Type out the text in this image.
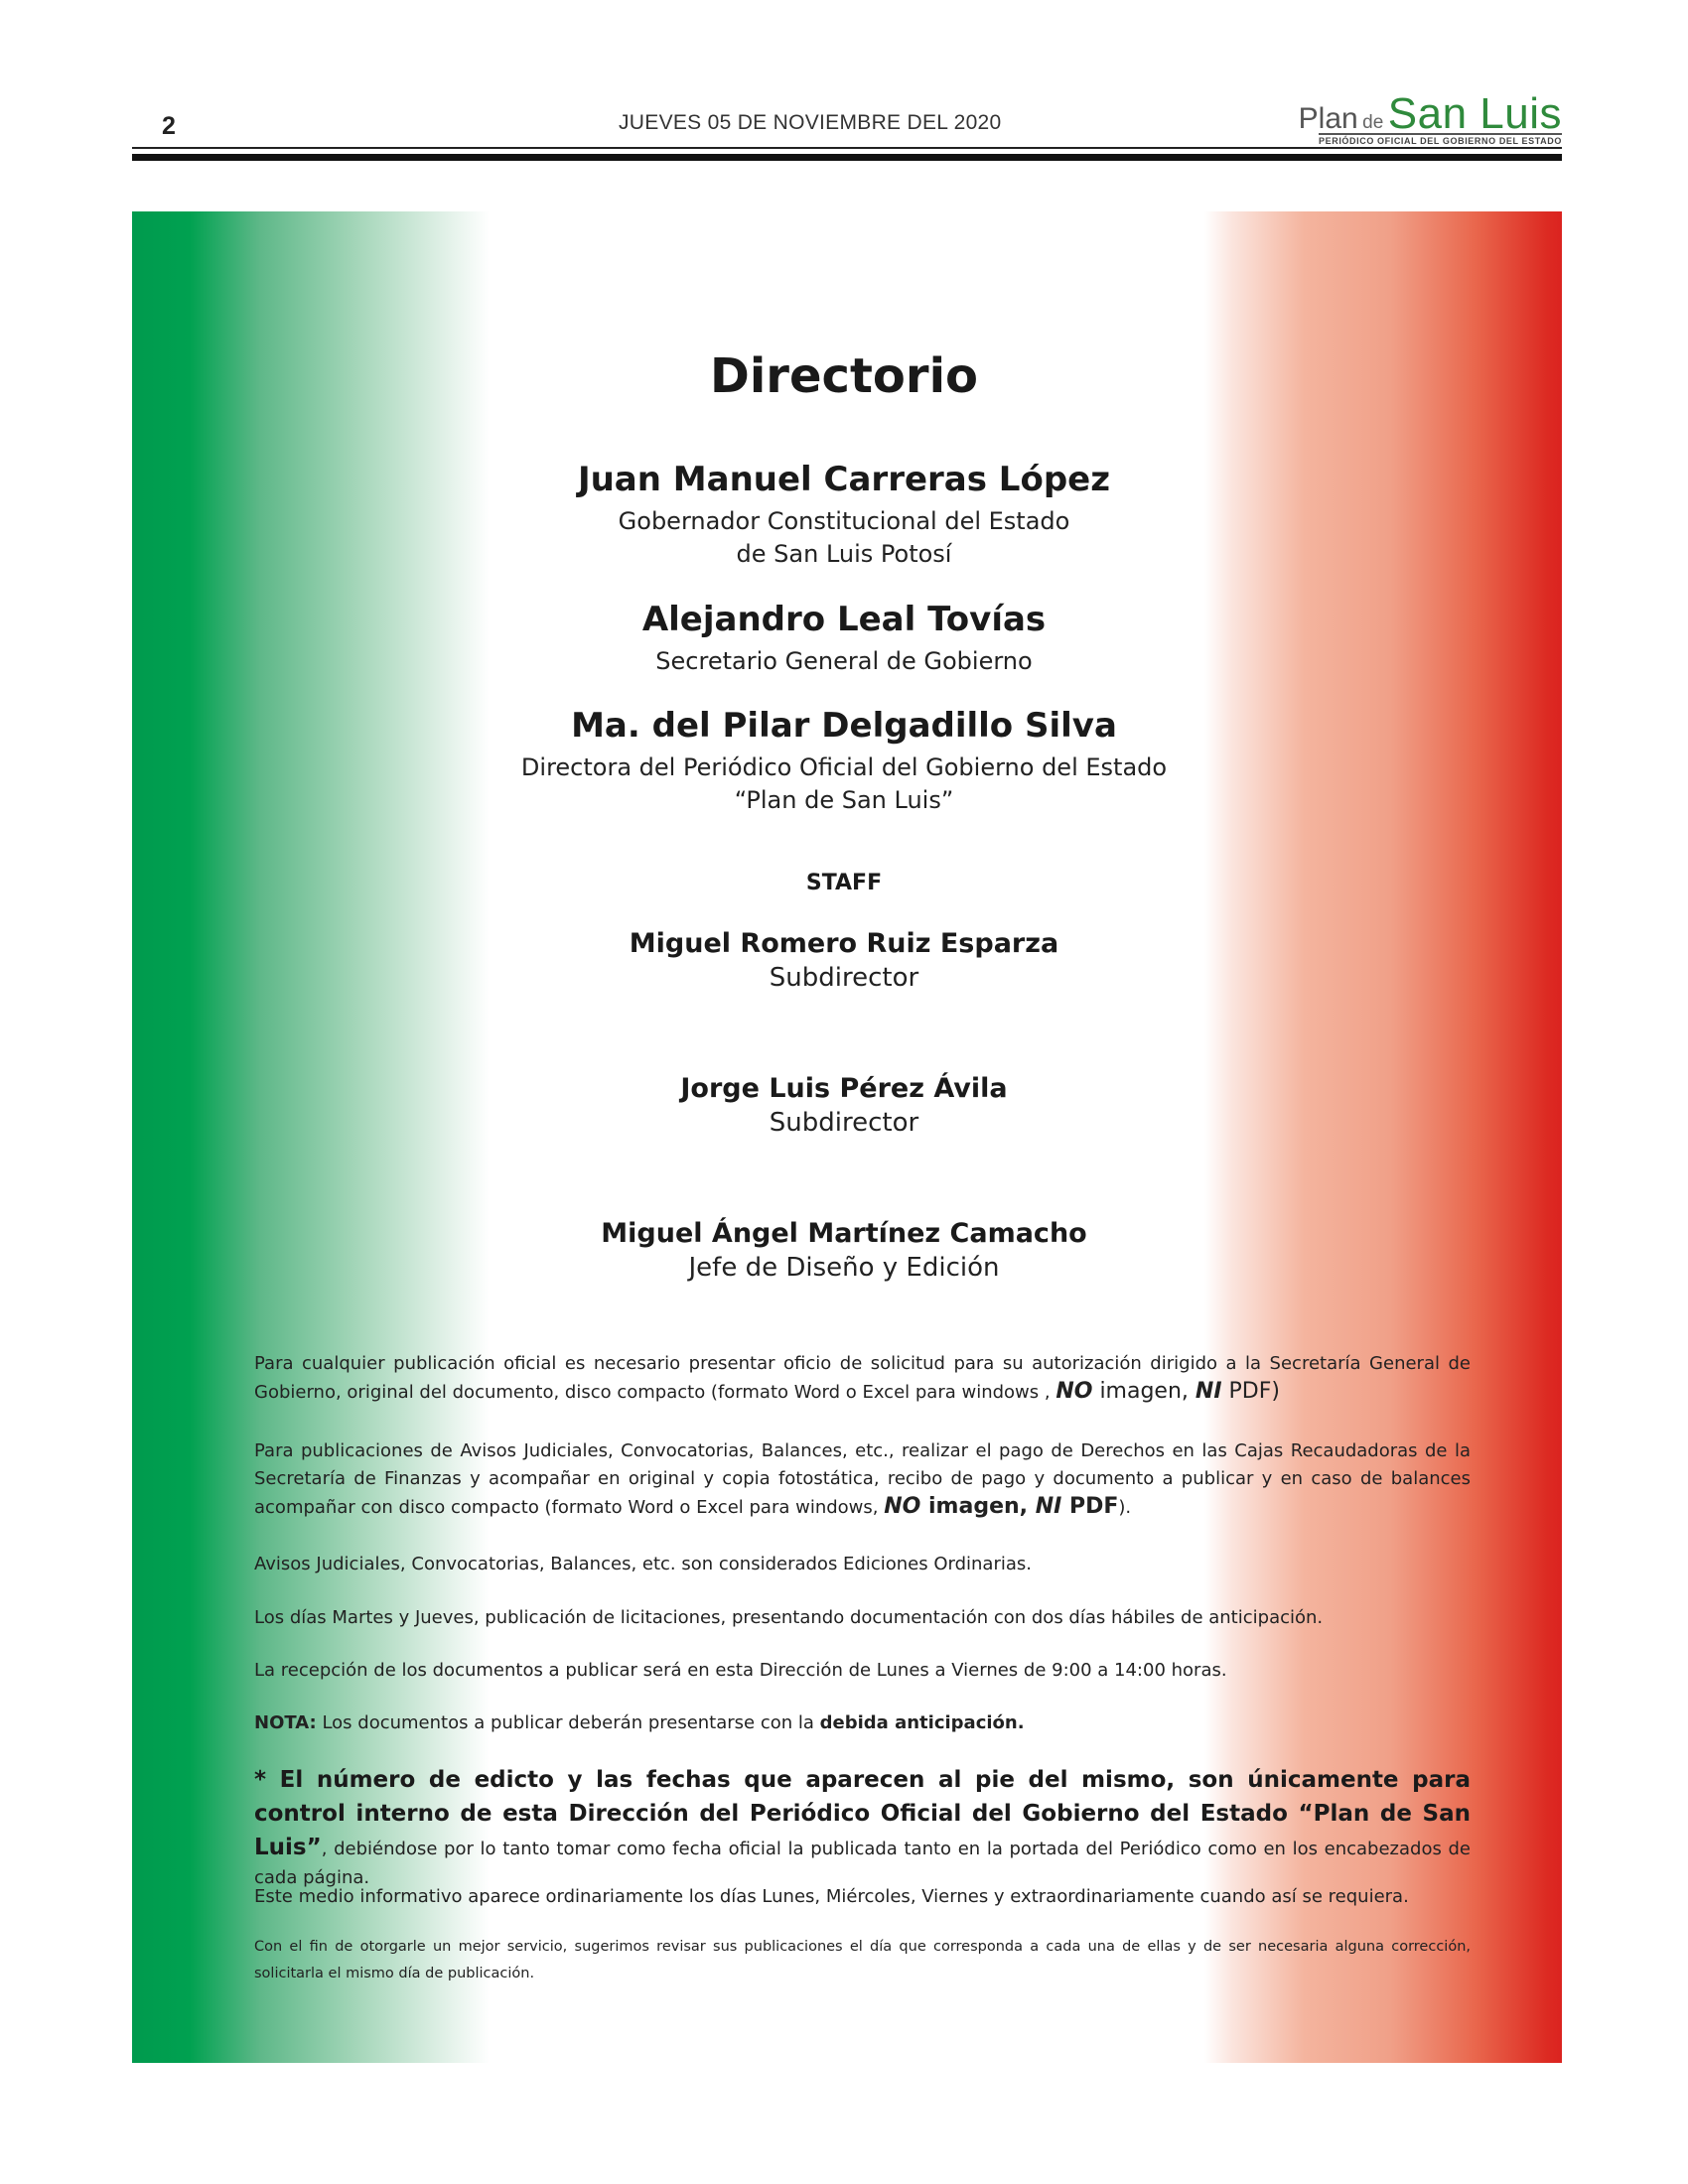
2	JUEVES 05 DE NOVIEMBRE DEL 2020	Plan de San Luis
PERIÓDICO OFICIAL DEL GOBIERNO DEL ESTADO
Directorio
Juan Manuel Carreras López
Gobernador Constitucional del Estado
de San Luis Potosí
Alejandro Leal Tovías
Secretario General de Gobierno
Ma. del Pilar Delgadillo Silva
Directora del Periódico Oficial del Gobierno del Estado
“Plan de San Luis”
STAFF
Miguel Romero Ruiz Esparza
Subdirector
Jorge Luis Pérez Ávila
Subdirector
Miguel Ángel Martínez Camacho
Jefe de Diseño y Edición

Para cualquier publicación oficial es necesario presentar oficio de solicitud para su autorización dirigido a la Secretaría General de Gobierno, original del documento, disco compacto (formato Word o Excel para windows , NO imagen, NI PDF)

Para publicaciones de Avisos Judiciales, Convocatorias, Balances, etc., realizar el pago de Derechos en las Cajas Recaudadoras de la Secretaría de Finanzas y acompañar en original y copia fotostática, recibo de pago y documento a publicar y en caso de balances acompañar con disco compacto (formato Word o Excel para windows, NO imagen, NI PDF).

Avisos Judiciales, Convocatorias, Balances, etc. son considerados Ediciones Ordinarias.

Los días Martes y Jueves, publicación de licitaciones, presentando documentación con dos días hábiles de anticipación.

La recepción de los documentos a publicar será en esta Dirección de Lunes a Viernes de 9:00 a 14:00 horas.

NOTA: Los documentos a publicar deberán presentarse con la debida anticipación.

* El número de edicto y las fechas que aparecen al pie del mismo, son únicamente para control interno de esta Dirección del Periódico Oficial del Gobierno del Estado “Plan de San Luis”, debiéndose por lo tanto tomar como fecha oficial la publicada tanto en la portada del Periódico como en los encabezados de cada página.

Este medio informativo aparece ordinariamente los días Lunes, Miércoles, Viernes y extraordinariamente cuando así se requiera.

Con el fin de otorgarle un mejor servicio, sugerimos revisar sus publicaciones el día que corresponda a cada una de ellas y de ser necesaria alguna corrección, solicitarla el mismo día de publicación.
